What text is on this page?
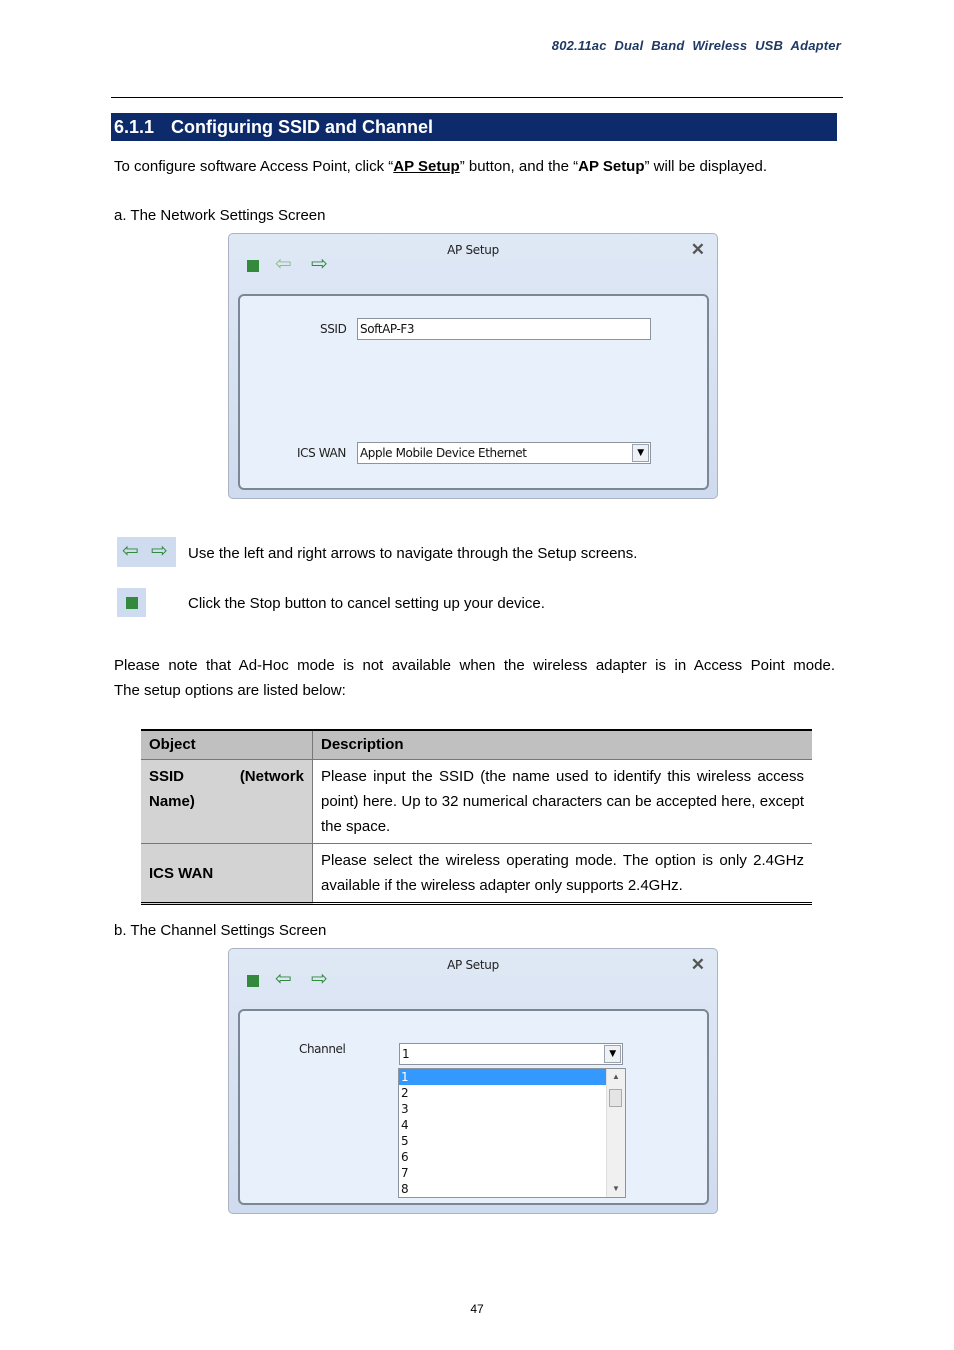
802.11ac Dual Band Wireless USB Adapter
6.1.1 Configuring SSID and Channel
To configure software Access Point, click “AP Setup” button, and the “AP Setup” will be displayed.
a. The Network Settings Screen
AP Setup	✕
⇦ ⇨
SSID SoftAP-F3
ICS WAN Apple Mobile Device Ethernet	▼
⇦ ⇨ Use the left and right arrows to navigate through the Setup screens.
Click the Stop button to cancel setting up your device.
Please note that Ad-Hoc mode is not available when the wireless adapter is in Access Point mode.
The setup options are listed below:
Object	Description

SSID (Network
Name)	Please input the SSID (the name used to identify this wireless access point) here. Up to 32 numerical characters can be accepted here, except the space.
ICS WAN	Please select the wireless operating mode. The option is only 2.4GHz available if the wireless adapter only supports 2.4GHz.
b. The Channel Settings Screen
AP Setup	✕
⇦ ⇨
Channel	1	▼
1
2
3
4
5
6
7
8
▲
▼
47
